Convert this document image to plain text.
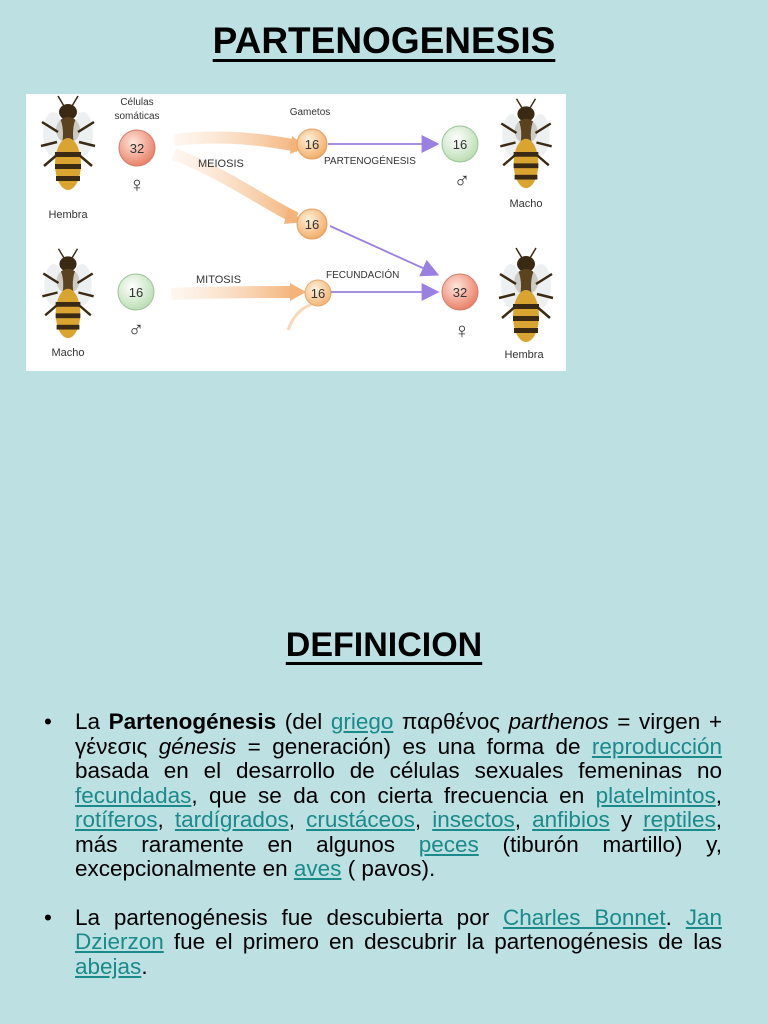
PARTENOGENESIS
Hembra
Macho
Macho	Hembra
Células
somáticas	Gametos
MEIOSIS
MITOSIS
PARTENOGÉNESIS
FECUNDACIÓN
32
♀
16
♂
16
16
16
16
♂
32
♀
DEFINICION
• La Partenogénesis (del griego παρθένος parthenos = virgen + γένεσις génesis = generación) es una forma de reproducción basada en el desarrollo de células sexuales femeninas no fecundadas, que se da con cierta frecuencia en platelmintos, rotíferos, tardígrados, crustáceos, insectos, anfibios y reptiles, más raramente en algunos peces (tiburón martillo) y, excepcionalmente en aves ( pavos).
• La partenogénesis fue descubierta por Charles Bonnet. Jan Dzierzon fue el primero en descubrir la partenogénesis de las abejas.
